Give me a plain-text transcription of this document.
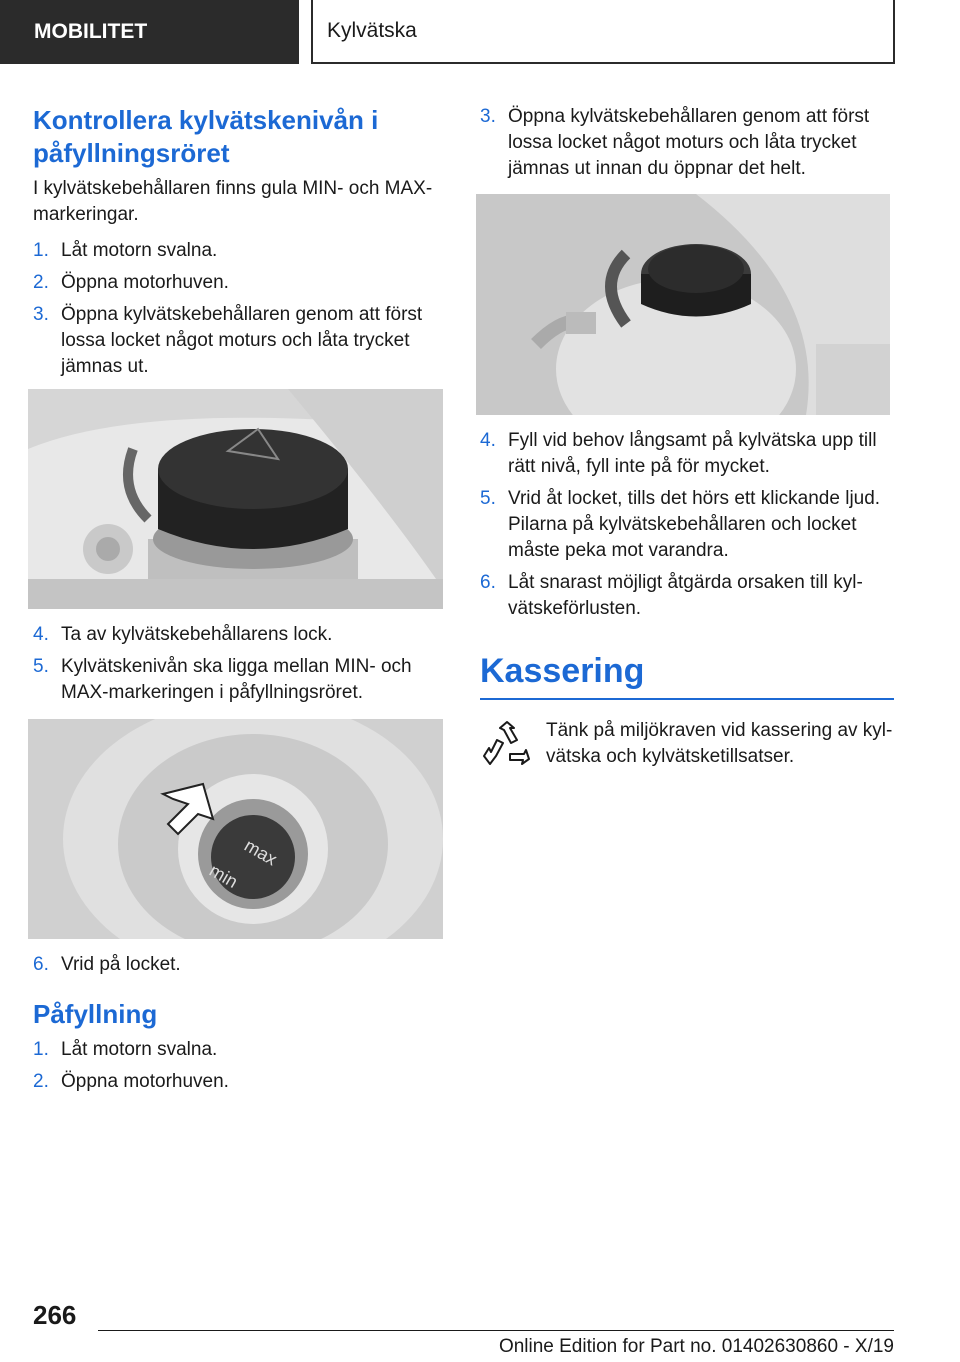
MOBILITET	Kylvätska
Kontrollera kylvätskenivån i påfyllningsröret
I kylvätskebehållaren finns gula MIN- och MAX-markeringar.
1. Låt motorn svalna.
2. Öppna motorhuven.
3. Öppna kylvätskebehållaren genom att först lossa locket något moturs och låta trycket jämnas ut.
4. Ta av kylvätskebehållarens lock.
5. Kylvätskenivån ska ligga mellan MIN- och MAX-markeringen i påfyllningsröret.
max
min
6. Vrid på locket.
Påfyllning
1. Låt motorn svalna.
2. Öppna motorhuven.
3. Öppna kylvätskebehållaren genom att först lossa locket något moturs och låta trycket jämnas ut innan du öppnar det helt.
4. Fyll vid behov långsamt på kylvätska upp till rätt nivå, fyll inte på för mycket.
5. Vrid åt locket, tills det hörs ett klickande ljud. Pilarna på kylvätskebehållaren och locket måste peka mot varandra.
6. Låt snarast möjligt åtgärda orsaken till kyl-vätskeförlusten.
Kassering
Tänk på miljökraven vid kassering av kyl-vätska och kylvätsketillsatser.
266
Online Edition for Part no. 01402630860 - X/19
